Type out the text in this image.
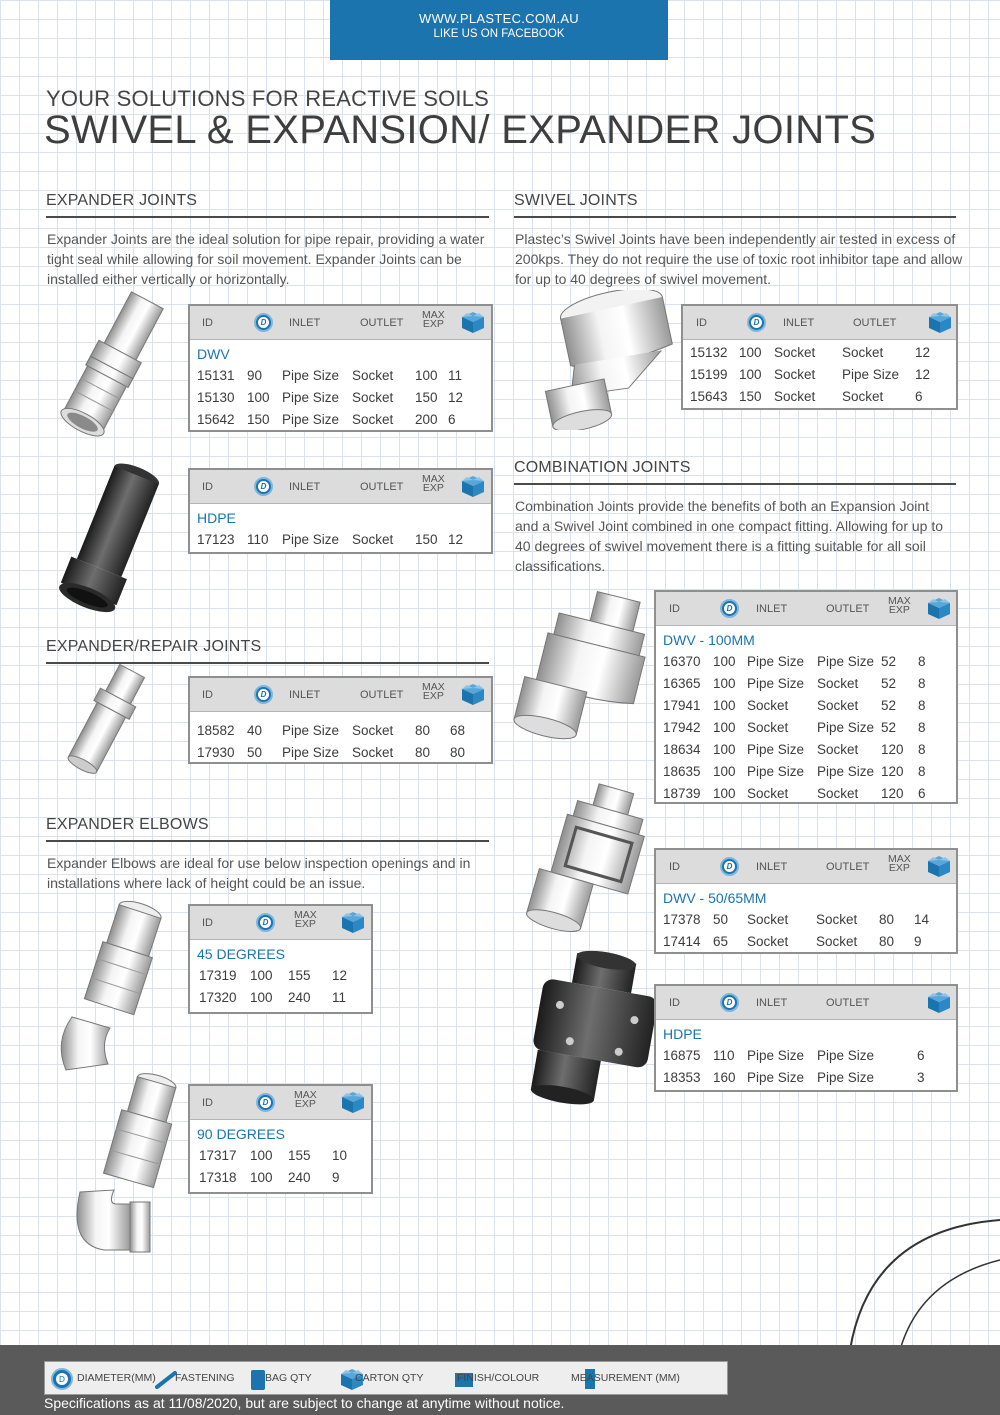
WWW.PLASTEC.COM.AU
LIKE US ON FACEBOOK
YOUR SOLUTIONS FOR REACTIVE SOILS
SWIVEL & EXPANSION/ EXPANDER JOINTS
EXPANDER JOINTS
Expander Joints are the ideal solution for pipe repair, providing a water tight seal while allowing for soil movement. Expander Joints can be installed either vertically or horizontally.
ID D	INLET	OUTLET
MAX
EXP
DWV
15131 90 Pipe Size Socket 100 11
15130 100 Pipe Size Socket 150 12
15642 150 Pipe Size Socket 200 6
ID D	INLET	OUTLET
MAX
EXP
HDPE
17123 110 Pipe Size Socket 150 12
EXPANDER/REPAIR JOINTS
ID D	INLET	OUTLET
MAX
EXP
18582 40 Pipe Size Socket 80 68
17930 50 Pipe Size Socket 80 80
EXPANDER ELBOWS
Expander Elbows are ideal for use below inspection openings and in installations where lack of height could be an issue.
ID
D
MAX
EXP
45 DEGREES
17319 100 155 12
17320 100 240 11
ID
D
MAX
EXP
90 DEGREES
17317 100 155 10
17318 100 240 9
SWIVEL JOINTS
Plastec’s Swivel Joints have been independently air tested in excess of 200kps. They do not require the use of toxic root inhibitor tape and allow for up to 40 degrees of swivel movement.
ID D	INLET	OUTLET
15132 100 Socket Socket 12
15199 100 Socket Pipe Size 12
15643 150 Socket Socket 6
COMBINATION JOINTS
Combination Joints provide the benefits of both an Expansion Joint and a Swivel Joint combined in one compact fitting. Allowing for up to 40 degrees of swivel movement there is a fitting suitable for all soil classifications.
ID D	INLET	OUTLET
MAX
EXP
DWV - 100MM
16370 100 Pipe Size Pipe Size 52 8
16365 100 Pipe Size Socket 52 8
17941 100 Socket Socket 52 8
17942 100 Socket Pipe Size 52 8
18634 100 Pipe Size Socket 120 8
18635 100 Pipe Size Pipe Size 120 8
18739 100 Socket Socket 120 6
ID D	INLET	OUTLET
MAX
EXP
DWV - 50/65MM
17378 50 Socket Socket 80 14
17414 65 Socket Socket 80 9
ID D	INLET	OUTLET
HDPE
16875 110 Pipe Size Pipe Size	6
18353 160 Pipe Size Pipe Size	3
D DIAMETER(MM) FASTENING	BAG QTY	CARTON QTY	FINISH/COLOUR	MEASUREMENT (MM)
Specifications as at 11/08/2020, but are subject to change at anytime without notice.
